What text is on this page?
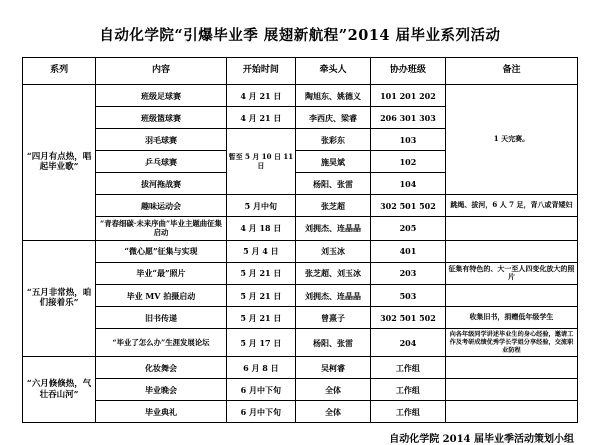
自动化学院“引爆毕业季 展翅新航程”2014 届毕业系列活动
系列	内容	开始时间	牵头人	协办班级	备注
“四月有点热，唱起毕业歌”	班级足球赛	4 月 21 日	陶旭东、姚德义	101 201 202	1 天完赛。
	班级篮球赛	4 月 21 日	李西庆、梁睿	206 301 303	
	羽毛球赛	暂至 5 月 10 日 11 日	张彩东	103	
	乒乓球赛		施昊斌	102	
	拔河拖战赛		杨阳、张雷	104	
	趣味运动会	5 月中旬	张芝超	302 501 502	跳绳、拔河，6 人 7 足，背八或背矮妇
	“青春细碳·未来序曲”毕业主题曲征集启动	4 月 18 日	刘拥杰、连晶晶	205	
“五月非常热，咱们接着乐”	“微心愿”征集与实现	5 月 4 日	刘玉冰	401	
	毕业“最”照片	5 月 21 日	张芝超、刘玉冰	203	征集有特色的、大一至人四变化放大的照片
	毕业 MV 拍摄启动	5 月 21 日	刘拥杰、连晶晶	503	
	旧书传递	5 月 21 日	曾熹子	302 501 502	收集旧书，捐赠低年级学生
	“毕业了怎么办”生涯发展论坛	5 月 17 日	杨阳、张雷	204	向各年级同学讲述毕业生的身心经验，邀请工作及考研成绩优秀学长学姐分享经验，交流职业防程
“六月倏倏热，气壮吞山河”	化妆舞会	6 月 8 日	吴柯睿	工作组	
	毕业晚会	6 月中下旬	全体	工作组	
	毕业典礼	6 月中下旬	全体	工作组	
自动化学院 2014 届毕业季活动策划小组
